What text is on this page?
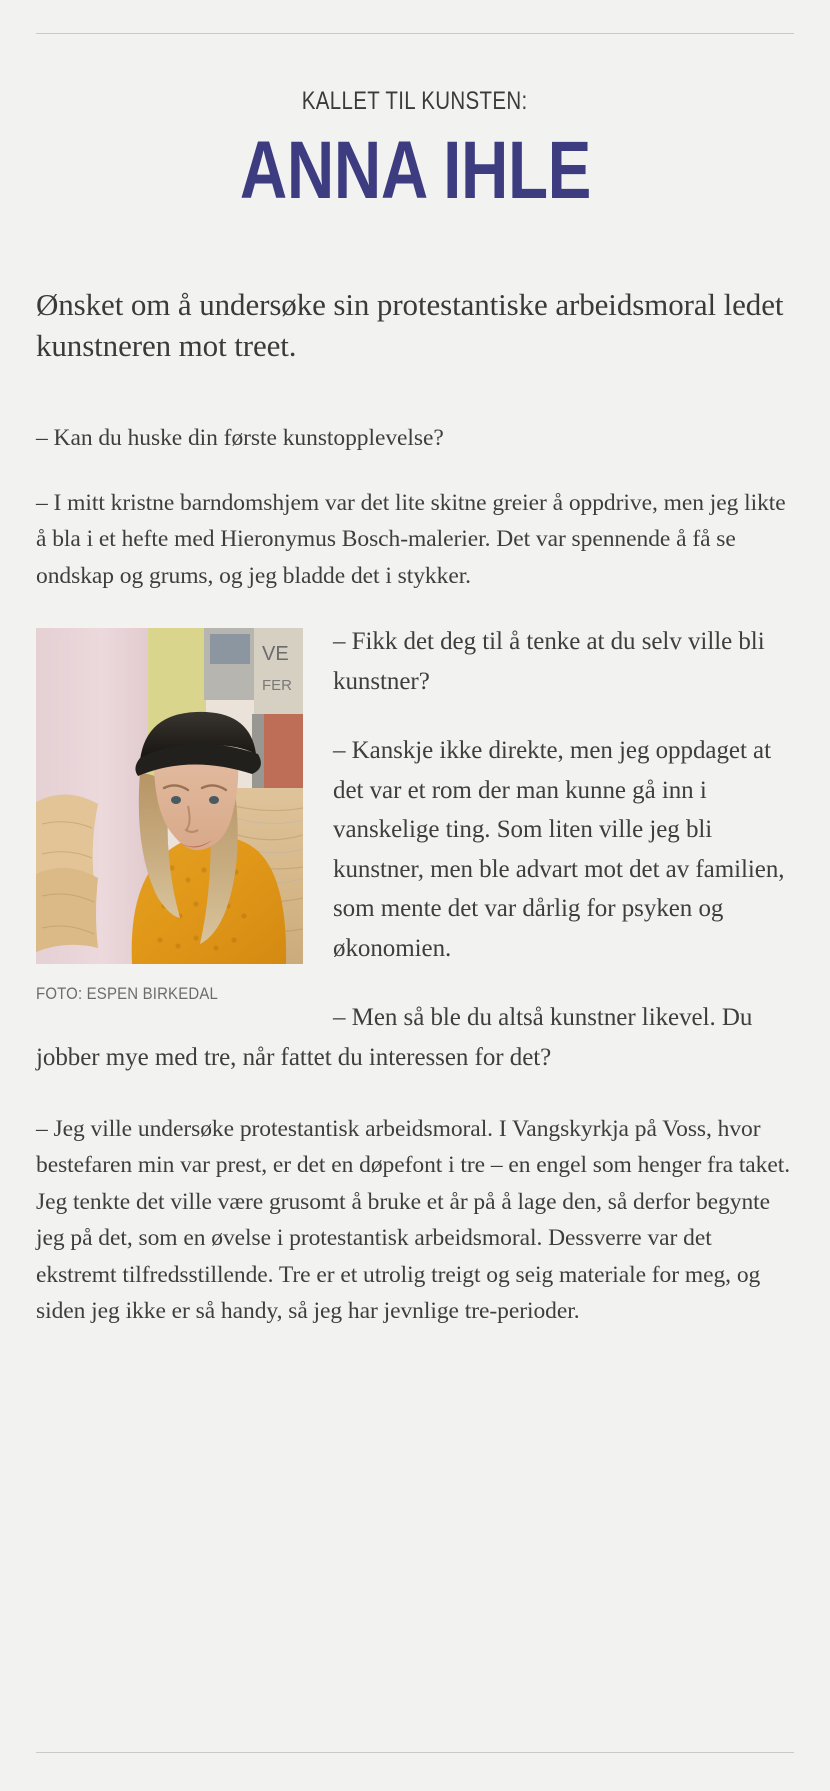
KALLET TIL KUNSTEN:
ANNA IHLE
Ønsket om å undersøke sin protestantiske arbeidsmoral ledet kunstneren mot treet.

– Kan du huske din første kunstopplevelse?

– I mitt kristne barndomshjem var det lite skitne greier å oppdrive, men jeg likte å bla i et hefte med Hieronymus Bosch-malerier. Det var spennende å få se ondskap og grums, og jeg bladde det i stykker.

VE
FER
FOTO: ESPEN BIRKEDAL

– Fikk det deg til å tenke at du selv ville bli kunstner?

– Kanskje ikke direkte, men jeg oppdaget at det var et rom der man kunne gå inn i vanskelige ting. Som liten ville jeg bli kunstner, men ble advart mot det av familien, som mente det var dårlig for psyken og økonomien.

– Men så ble du altså kunstner likevel. Du jobber mye med tre, når fattet du interessen for det?

– Jeg ville undersøke protestantisk arbeidsmoral. I Vangskyrkja på Voss, hvor bestefaren min var prest, er det en døpefont i tre – en engel som henger fra taket. Jeg tenkte det ville være grusomt å bruke et år på å lage den, så derfor begynte jeg på det, som en øvelse i protestantisk arbeidsmoral. Dessverre var det ekstremt tilfredsstillende. Tre er et utrolig treigt og seig materiale for meg, og siden jeg ikke er så handy, så jeg har jevnlige tre-perioder.
